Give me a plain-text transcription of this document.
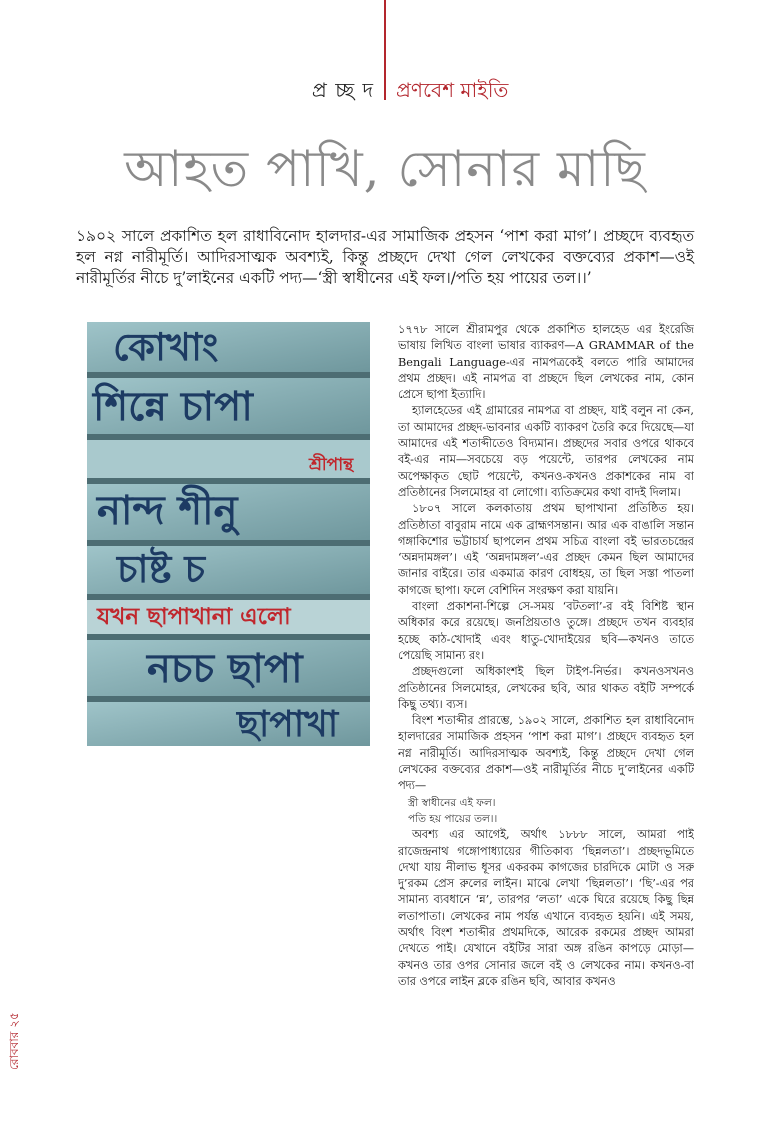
প্র চ্ছ দ প্রণবেশ মাইতি
আহত পাখি, সোনার মাছি
১৯০২ সালে প্রকাশিত হল রাধাবিনোদ হালদার-এর সামাজিক প্রহসন ‘পাশ করা মাগ’। প্রচ্ছদে ব্যবহৃত হল নগ্ন নারীমূর্তি। আদিরসাত্মক অবশ্যই, কিন্তু প্রচ্ছদে দেখা গেল লেখকের বক্তব্যের প্রকাশ—ওই নারীমূর্তির নীচে দু’লাইনের একটি পদ্য—‘স্ত্রী স্বাধীনের এই ফল।/পতি হয় পায়ের তল।।’
কোখাং
শিন্নে চাপা
নান্দ শীনু
চাষ্ট চ
নচচ ছাপা
ছাপাখা
শ্রীপান্থ
যখন ছাপাখানা এলো

১৭৭৮ সালে শ্রীরামপুর থেকে প্রকাশিত হালহেড এর ইংরেজি ভাষায় লিখিত বাংলা ভাষার ব্যাকরণ—A GRAMMAR of the Bengali Language-এর নামপত্রকেই বলতে পারি আমাদের প্রথম প্রচ্ছদ। এই নামপত্র বা প্রচ্ছদে ছিল লেখকের নাম, কোন প্রেসে ছাপা ইত্যাদি।

হ্যালহেডের এই গ্রামারের নামপত্র বা প্রচ্ছদ, যাই বলুন না কেন, তা আমাদের প্রচ্ছদ-ভাবনার একটি ব্যাকরণ তৈরি করে দিয়েছে—যা আমাদের এই শতাব্দীতেও বিদ্যমান। প্রচ্ছদের সবার ওপরে থাকবে বই-এর নাম—সবচেয়ে বড় পয়েন্টে, তারপর লেখকের নাম অপেক্ষাকৃত ছোট পয়েন্টে, কখনও-কখনও প্রকাশকের নাম বা প্রতিষ্ঠানের সিলমোহর বা লোগো। ব্যতিক্রমের কথা বাদই দিলাম।

১৮০৭ সালে কলকাতায় প্রথম ছাপাখানা প্রতিষ্ঠিত হয়। প্রতিষ্ঠাতা বাবুরাম নামে এক ব্রাহ্মণসন্তান। আর এক বাঙালি সন্তান গঙ্গাকিশোর ভট্টাচার্য ছাপলেন প্রথম সচিত্র বাংলা বই ভারতচন্দ্রের ‘অন্নদামঙ্গল’। এই ‘অন্নদামঙ্গল’-এর প্রচ্ছদ কেমন ছিল আমাদের জানার বাইরে। তার একমাত্র কারণ বোধহয়, তা ছিল সস্তা পাতলা কাগজে ছাপা। ফলে বেশিদিন সংরক্ষণ করা যায়নি।

বাংলা প্রকাশনা-শিল্পে সে-সময় ‘বটতলা’-র বই বিশিষ্ট স্থান অধিকার করে রয়েছে। জনপ্রিয়তাও তুঙ্গে। প্রচ্ছদে তখন ব্যবহার হচ্ছে কাঠ-খোদাই এবং ধাতু-খোদাইয়ের ছবি—কখনও তাতে পেয়েছি সামান্য রং।

প্রচ্ছদগুলো অধিকাংশই ছিল টাইপ-নির্ভর। কখনওসখনও প্রতিষ্ঠানের সিলমোহর, লেখকের ছবি, আর থাকত বইটি সম্পর্কে কিছু তথ্য। ব্যস।

বিংশ শতাব্দীর প্রারম্ভে, ১৯০২ সালে, প্রকাশিত হল রাধাবিনোদ হালদারের সামাজিক প্রহসন ‘পাশ করা মাগ’। প্রচ্ছদে ব্যবহৃত হল নগ্ন নারীমূর্তি। আদিরসাত্মক অবশ্যই, কিন্তু প্রচ্ছদে দেখা গেল লেখকের বক্তব্যের প্রকাশ—ওই নারীমূর্তির নীচে দু’লাইনের একটি পদ্য—

স্ত্রী স্বাধীনের এই ফল।

পতি হয় পায়ের তল।।

অবশ্য এর আগেই, অর্থাৎ ১৮৮৮ সালে, আমরা পাই রাজেন্দ্রনাথ গঙ্গোপাধ্যায়ের গীতিকাব্য ‘ছিন্নলতা’। প্রচ্ছদভূমিতে দেখা যায় নীলাভ ধূসর একরকম কাগজের চারদিকে মোটা ও সরু দু’রকম প্রেস রুলের লাইন। মাঝে লেখা ‘ছিন্নলতা’। ‘ছি’-এর পর সামান্য ব্যবধানে ‘ন্ন’, তারপর ‘লতা’ একে ঘিরে রয়েছে কিছু ছিন্ন লতাপাতা। লেখকের নাম পর্যন্ত এখানে ব্যবহৃত হয়নি। এই সময়, অর্থাৎ বিংশ শতাব্দীর প্রথমদিকে, আরেক রকমের প্রচ্ছদ আমরা দেখতে পাই। যেখানে বইটির সারা অঙ্গ রঙিন কাপড়ে মোড়া—কখনও তার ওপর সোনার জলে বই ও লেখকের নাম। কখনও-বা তার ওপরে লাইন ব্লকে রঙিন ছবি, আবার কখনও

রোববার ২৫
